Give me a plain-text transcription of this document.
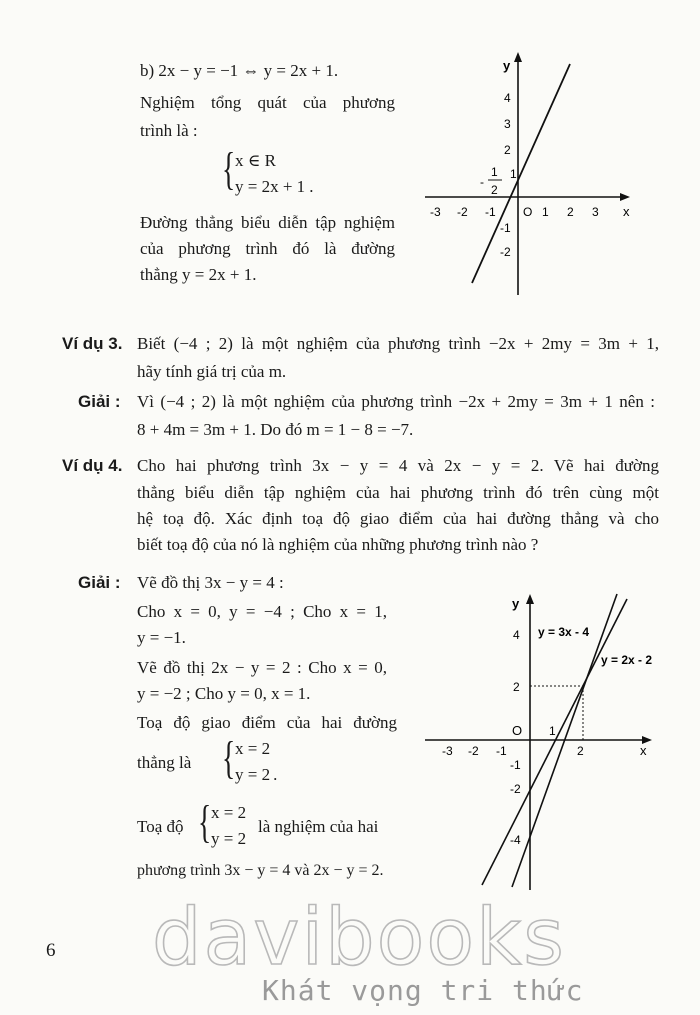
b) 2x − y = −1 ⇔ y = 2x + 1.
Nghiệm tổng quát của phương
trình là :
{ x ∈ R
y = 2x + 1 .
Đường thẳng biểu diễn tập nghiệm
của phương trình đó là đường
thẳng y = 2x + 1.
x
y
O
-3 -2 -1	1 2 3
4
3
2
1
-1
-2
-
1
2
Ví dụ 3. Biết (−4 ; 2) là một nghiệm của phương trình −2x + 2my = 3m + 1,
hãy tính giá trị của m.
Giải : Vì (−4 ; 2) là một nghiệm của phương trình −2x + 2my = 3m + 1 nên :
8 + 4m = 3m + 1. Do đó m = 1 − 8 = −7.
Ví dụ 4. Cho hai phương trình 3x − y = 4 và 2x − y = 2. Vẽ hai đường
thẳng biểu diễn tập nghiệm của hai phương trình đó trên cùng một
hệ toạ độ. Xác định toạ độ giao điểm của hai đường thẳng và cho
biết toạ độ của nó là nghiệm của những phương trình nào ?
Giải : Vẽ đồ thị 3x − y = 4 :
Cho x = 0, y = −4 ; Cho x = 1,
y = −1.
Vẽ đồ thị 2x − y = 2 : Cho x = 0,
y = −2 ; Cho y = 0, x = 1.
Toạ độ giao điểm của hai đường
thẳng là { x = 2
y = 2 .
Toạ độ { x = 2
y = 2
là nghiệm của hai
phương trình 3x − y = 4 và 2x − y = 2.
y
x
O
-3 -2 -1
1
2
4
2
-1
-2
-4
y = 3x - 4
y = 2x - 2
6 davibooks
Khát vọng tri thức
